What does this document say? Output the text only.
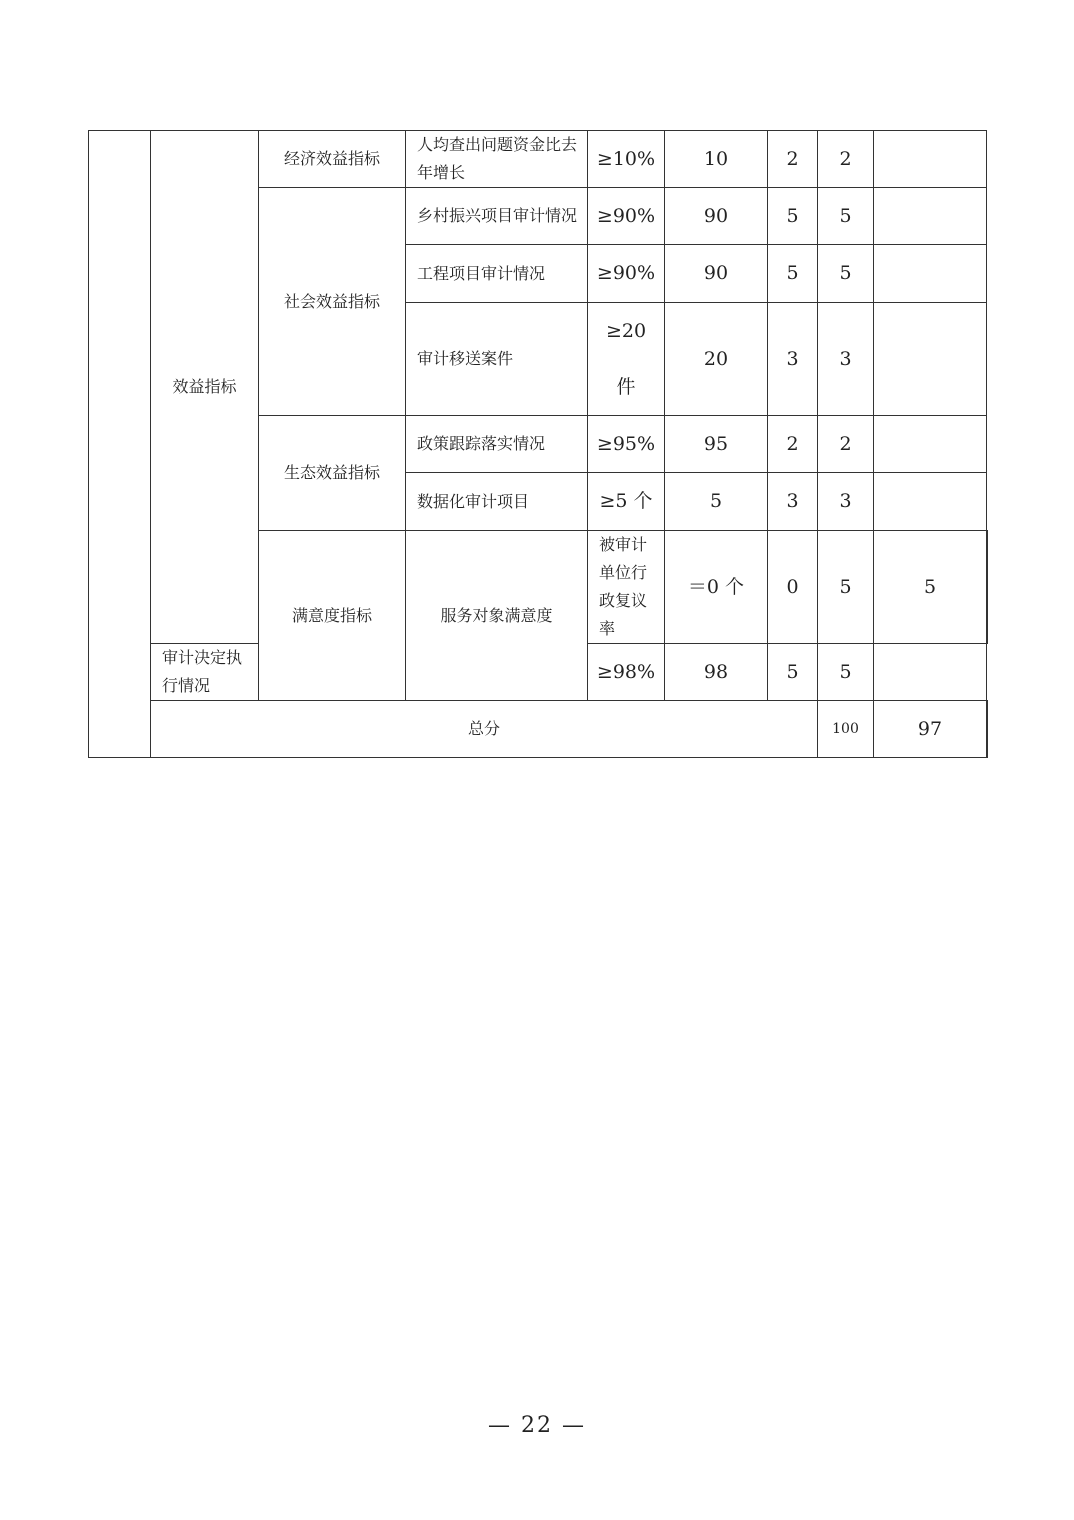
	效益指标	经济效益指标	人均查出问题资金比去年增长	≥10%	10	2	2		
		社会效益指标	乡村振兴项目审计情况	≥90%	90	5	5		
			工程项目审计情况	≥90%	90	5	5		
			审计移送案件	≥20件	20	3	3		
		生态效益指标	政策跟踪落实情况	≥95%	95	2	2		
			数据化审计项目	≥5 个	5	3	3		
		满意度指标	服务对象满意度	被审计单位行政复议率	＝0 个	0	5	5	
	审计决定执行情况			≥98%	98	5	5		
	总分						100	97	
— 22 —
